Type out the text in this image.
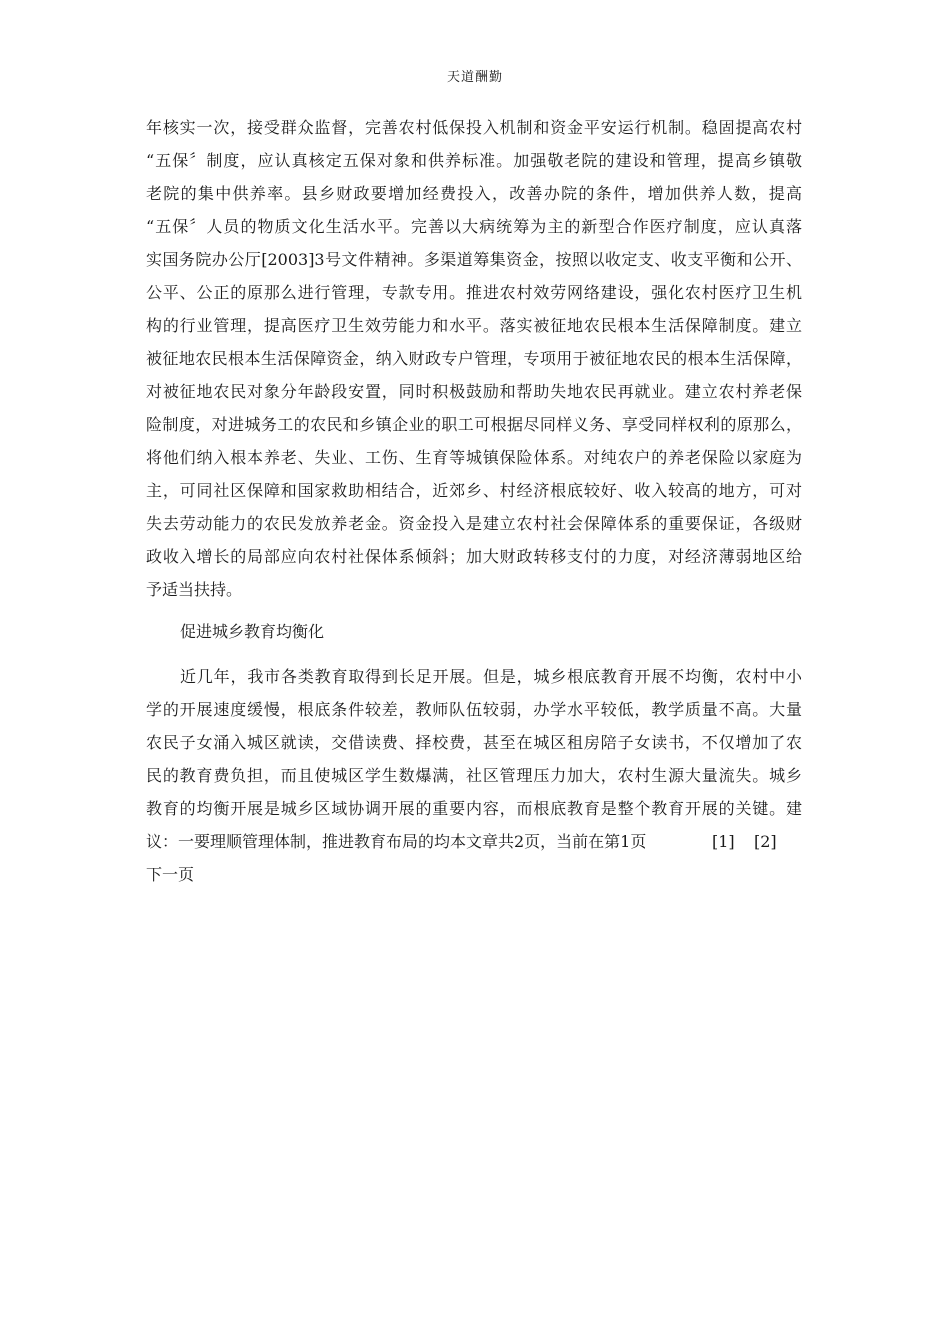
天道酬勤
年核实一次，接受群众监督，完善农村低保投入机制和资金平安运行机制。稳固提高农村
“五保〞制度，应认真核定五保对象和供养标准。加强敬老院的建设和管理，提高乡镇敬
老院的集中供养率。县乡财政要增加经费投入，改善办院的条件，增加供养人数，提高
“五保〞人员的物质文化生活水平。完善以大病统筹为主的新型合作医疗制度，应认真落
实国务院办公厅[2003]3号文件精神。多渠道筹集资金，按照以收定支、收支平衡和公开、
公平、公正的原那么进行管理，专款专用。推进农村效劳网络建设，强化农村医疗卫生机
构的行业管理，提高医疗卫生效劳能力和水平。落实被征地农民根本生活保障制度。建立
被征地农民根本生活保障资金，纳入财政专户管理，专项用于被征地农民的根本生活保障，
对被征地农民对象分年龄段安置，同时积极鼓励和帮助失地农民再就业。建立农村养老保
险制度，对进城务工的农民和乡镇企业的职工可根据尽同样义务、享受同样权利的原那么，
将他们纳入根本养老、失业、工伤、生育等城镇保险体系。对纯农户的养老保险以家庭为
主，可同社区保障和国家救助相结合，近郊乡、村经济根底较好、收入较高的地方，可对
失去劳动能力的农民发放养老金。资金投入是建立农村社会保障体系的重要保证，各级财
政收入增长的局部应向农村社保体系倾斜；加大财政转移支付的力度，对经济薄弱地区给
予适当扶持。
促进城乡教育均衡化
近几年，我市各类教育取得到长足开展。但是，城乡根底教育开展不均衡，农村中小
学的开展速度缓慢，根底条件较差，教师队伍较弱，办学水平较低，教学质量不高。大量
农民子女涌入城区就读，交借读费、择校费，甚至在城区租房陪子女读书，不仅增加了农
民的教育费负担，而且使城区学生数爆满，社区管理压力加大，农村生源大量流失。城乡
教育的均衡开展是城乡区域协调开展的重要内容，而根底教育是整个教育开展的关键。建
议：一要理顺管理体制，推进教育布局的均本文章共2页，当前在第1页	[1] [2]
下一页
